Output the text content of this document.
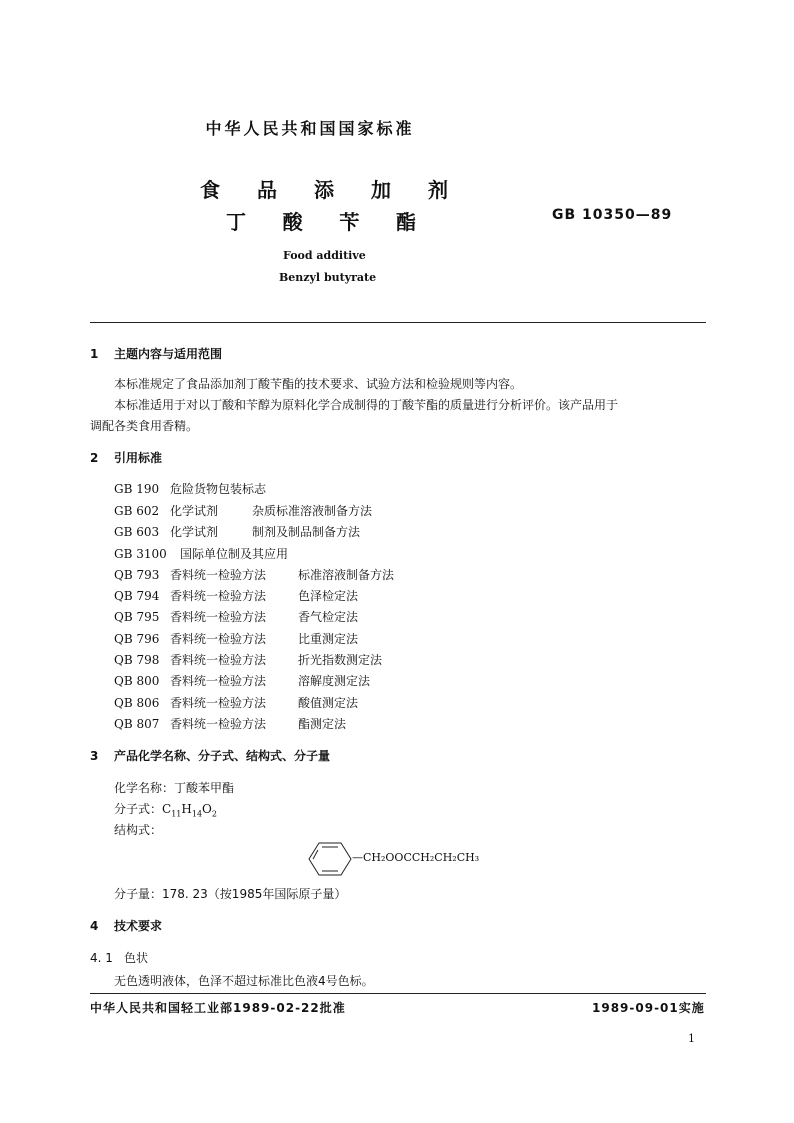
中华人民共和国国家标准
食 品 添 加 剂
丁 酸 苄 酯	GB 10350—89
Food additive
Benzyl butyrate
1 主题内容与适用范围
本标准规定了食品添加剂丁酸苄酯的技术要求、试验方法和检验规则等内容。
本标准适用于对以丁酸和苄醇为原料化学合成制得的丁酸苄酯的质量进行分析评价。该产品用于
调配各类食用香精。
2 引用标准
GB 190 危险货物包装标志
GB 602 化学试剂	杂质标准溶液制备方法
GB 603 化学试剂	制剂及制品制备方法
GB 3100 国际单位制及其应用
QB 793 香料统一检验方法	标准溶液制备方法
QB 794 香料统一检验方法	色泽检定法
QB 795 香料统一检验方法	香气检定法
QB 796 香料统一检验方法	比重测定法
QB 798 香料统一检验方法	折光指数测定法
QB 800 香料统一检验方法	溶解度测定法
QB 806 香料统一检验方法	酸值测定法
QB 807 香料统一检验方法	酯测定法
3 产品化学名称、分子式、结构式、分子量
化学名称：丁酸苯甲酯
分子式：$C_{11}H_{14}O_2$
结构式：
—CH₂OOCCH₂CH₂CH₃
分子量：178. 23（按1985年国际原子量）
4 技术要求
4. 1 色状
无色透明液体，色泽不超过标准比色液4号色标。
中华人民共和国轻工业部1989-02-22批准	1989-09-01实施
1
